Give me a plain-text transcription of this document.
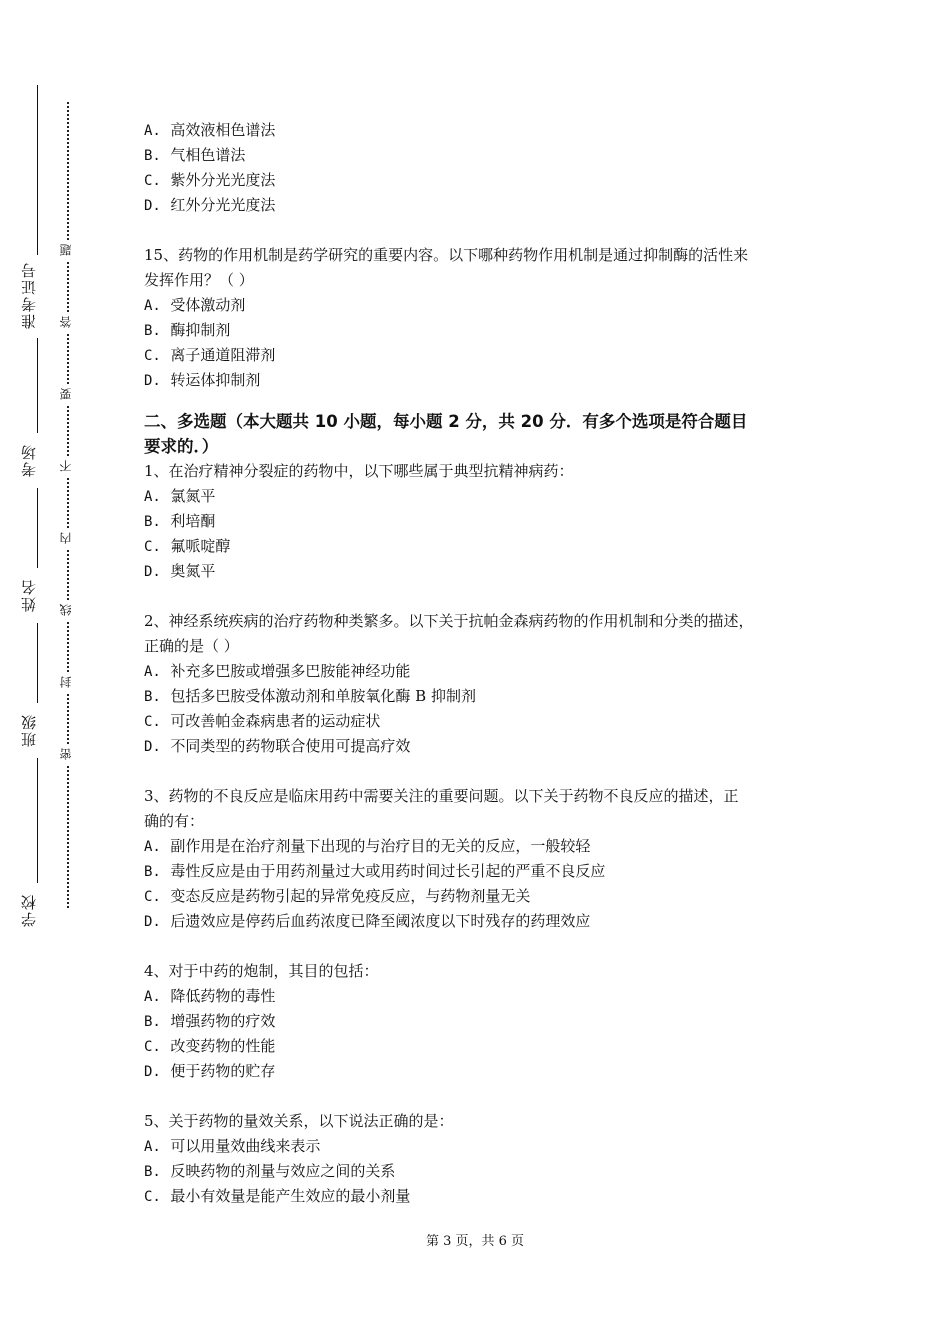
准考证号
考场
姓名
班级
学校
题
答
要
不
内
线
封
密
A. 高效液相色谱法
B. 气相色谱法
C. 紫外分光光度法
D. 红外分光光度法
15、药物的作用机制是药学研究的重要内容。以下哪种药物作用机制是通过抑制酶的活性来
发挥作用？（ ）
A. 受体激动剂
B. 酶抑制剂
C. 离子通道阻滞剂
D. 转运体抑制剂
二、多选题（本大题共 10 小题，每小题 2 分，共 20 分．有多个选项是符合题目
要求的．）
1、在治疗精神分裂症的药物中，以下哪些属于典型抗精神病药：
A. 氯氮平
B. 利培酮
C. 氟哌啶醇
D. 奥氮平
2、神经系统疾病的治疗药物种类繁多。以下关于抗帕金森病药物的作用机制和分类的描述，
正确的是（ ）
A. 补充多巴胺或增强多巴胺能神经功能
B. 包括多巴胺受体激动剂和单胺氧化酶 B 抑制剂
C. 可改善帕金森病患者的运动症状
D. 不同类型的药物联合使用可提高疗效
3、药物的不良反应是临床用药中需要关注的重要问题。以下关于药物不良反应的描述，正
确的有：
A. 副作用是在治疗剂量下出现的与治疗目的无关的反应，一般较轻
B. 毒性反应是由于用药剂量过大或用药时间过长引起的严重不良反应
C. 变态反应是药物引起的异常免疫反应，与药物剂量无关
D. 后遗效应是停药后血药浓度已降至阈浓度以下时残存的药理效应
4、对于中药的炮制，其目的包括：
A. 降低药物的毒性
B. 增强药物的疗效
C. 改变药物的性能
D. 便于药物的贮存
5、关于药物的量效关系，以下说法正确的是：
A. 可以用量效曲线来表示
B. 反映药物的剂量与效应之间的关系
C. 最小有效量是能产生效应的最小剂量
第 3 页，共 6 页
